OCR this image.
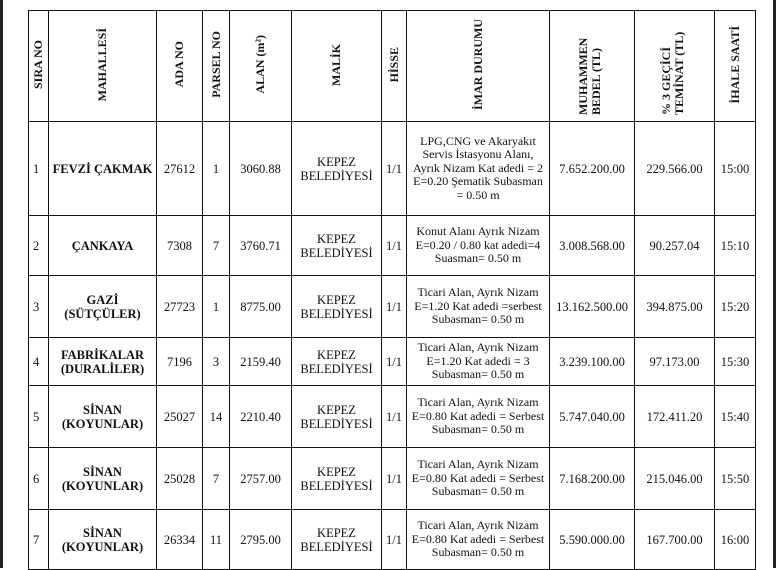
SIRA NO	MAHALLESİ	ADA NO	PARSEL NO	ALAN (m²)	MALİK	HİSSE	İMAR DURUMU	MUHAMMEN BEDEL (TL)	% 3 GEÇİCİ TEMİNAT (TL)	İHALE SAATİ
1	FEVZİ ÇAKMAK	27612	1	3060.88	KEPEZ BELEDİYESİ	1/1	LPG,CNG ve Akaryakıt Servis İstasyonu Alanı, Ayrık Nizam Kat adedi = 2 E=0.20 Şematik Subasman = 0.50 m	7.652.200.00	229.566.00	15:00
2	ÇANKAYA	7308	7	3760.71	KEPEZ BELEDİYESİ	1/1	Konut Alanı Ayrık Nizam E=0.20 / 0.80 kat adedi=4 Suasman= 0.50 m	3.008.568.00	90.257.04	15:10
3	GAZİ (SÜTÇÜLER)	27723	1	8775.00	KEPEZ BELEDİYESİ	1/1	Ticari Alan, Ayrık Nizam E=1.20 Kat adedi =serbest Subasman= 0.50 m	13.162.500.00	394.875.00	15:20
4	FABRİKALAR (DURALİLER)	7196	3	2159.40	KEPEZ BELEDİYESİ	1/1	Ticari Alan, Ayrık Nizam E=1.20 Kat adedi = 3 Subasman= 0.50 m	3.239.100.00	97.173.00	15:30
5	SİNAN (KOYUNLAR)	25027	14	2210.40	KEPEZ BELEDİYESİ	1/1	Ticari Alan, Ayrık Nizam E=0.80 Kat adedi = Serbest Subasman= 0.50 m	5.747.040.00	172.411.20	15:40
6	SİNAN (KOYUNLAR)	25028	7	2757.00	KEPEZ BELEDİYESİ	1/1	Ticari Alan, Ayrık Nizam E=0.80 Kat adedi = Serbest Subasman= 0.50 m	7.168.200.00	215.046.00	15:50
7	SİNAN (KOYUNLAR)	26334	11	2795.00	KEPEZ BELEDİYESİ	1/1	Ticari Alan, Ayrık Nizam E=0.80 Kat adedi = Serbest Subasman= 0.50 m	5.590.000.00	167.700.00	16:00
